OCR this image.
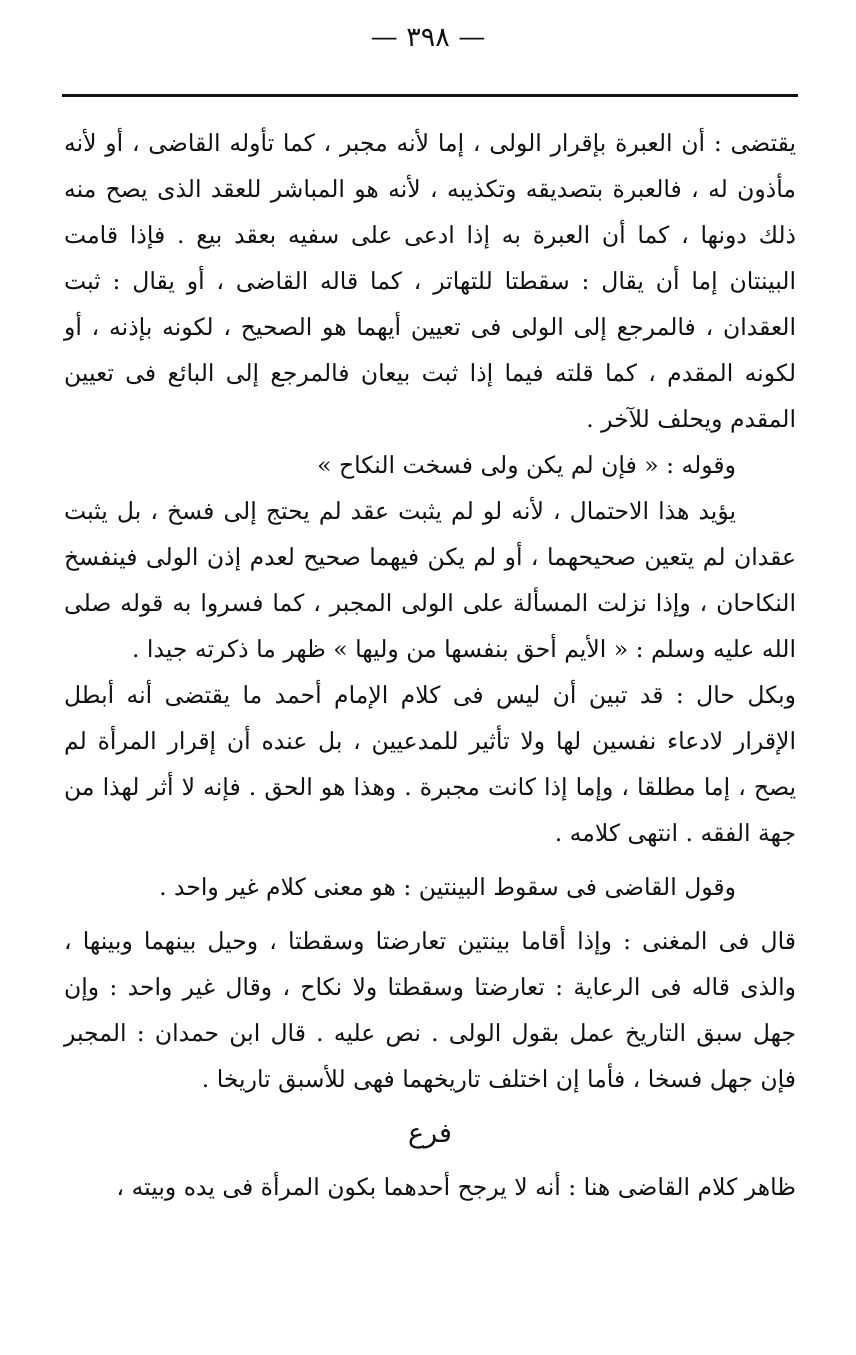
— ٣٩٨ —

يقتضى : أن العبرة بإقرار الولى ، إما لأنه مجبر ، كما تأوله القاضى ، أو لأنه مأذون له ، فالعبرة بتصديقه وتكذيبه ، لأنه هو المباشر للعقد الذى يصح منه ذلك دونها ، كما أن العبرة به إذا ادعى على سفيه بعقد بيع . فإذا قامت البينتان إما أن يقال : سقطتا للتهاتر ، كما قاله القاضى ، أو يقال : ثبت العقدان ، فالمرجع إلى الولى فى تعيين أيهما هو الصحيح ، لكونه بإذنه ، أو لكونه المقدم ، كما قلته فيما إذا ثبت بيعان فالمرجع إلى البائع فى تعيين المقدم ويحلف للآخر .

وقوله : « فإن لم يكن ولى فسخت النكاح »

يؤيد هذا الاحتمال ، لأنه لو لم يثبت عقد لم يحتج إلى فسخ ، بل يثبت عقدان لم يتعين صحيحهما ، أو لم يكن فيهما صحيح لعدم إذن الولى فينفسخ النكاحان ، وإذا نزلت المسألة على الولى المجبر ، كما فسروا به قوله صلى الله عليه وسلم : « الأيم أحق بنفسها من وليها » ظهر ما ذكرته جيدا .

وبكل حال : قد تبين أن ليس فى كلام الإمام أحمد ما يقتضى أنه أبطل الإقرار لادعاء نفسين لها ولا تأثير للمدعيين ، بل عنده أن إقرار المرأة لم يصح ، إما مطلقا ، وإما إذا كانت مجبرة . وهذا هو الحق . فإنه لا أثر لهذا من جهة الفقه . انتهى كلامه .

وقول القاضى فى سقوط البينتين : هو معنى كلام غير واحد .

قال فى المغنى : وإذا أقاما بينتين تعارضتا وسقطتا ، وحيل بينهما وبينها ، والذى قاله فى الرعاية : تعارضتا وسقطتا ولا نكاح ، وقال غير واحد : وإن جهل سبق التاريخ عمل بقول الولى . نص عليه . قال ابن حمدان : المجبر فإن جهل فسخا ، فأما إن اختلف تاريخهما فهى للأسبق تاريخا .

فرع

ظاهر كلام القاضى هنا : أنه لا يرجح أحدهما بكون المرأة فى يده وبيته ،
